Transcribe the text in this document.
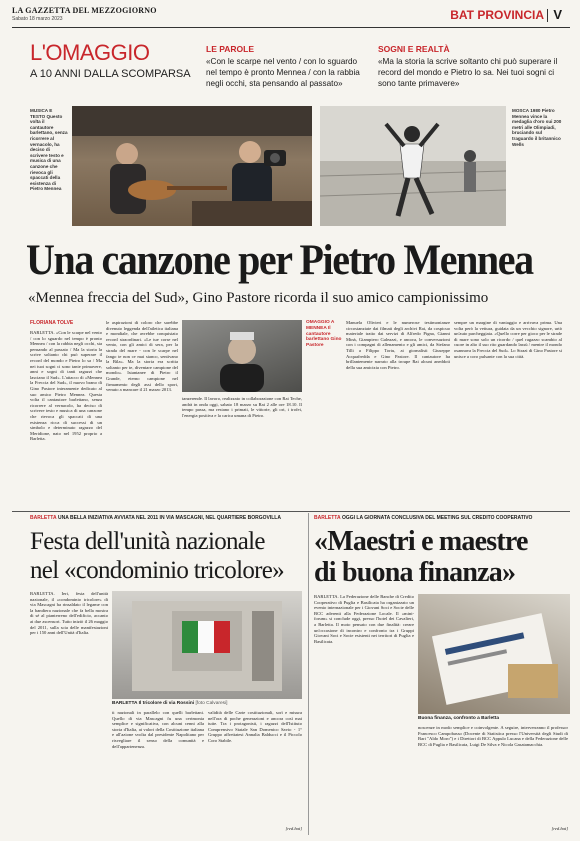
LA GAZZETTA DEL MEZZOGIORNO
Sabato 18 marzo 2023	BAT PROVINCIA V
L'OMAGGIO
A 10 ANNI DALLA SCOMPARSA
LE PAROLE
«Con le scarpe nel vento / con lo sguardo nel tempo è pronto Mennea / con la rabbia negli occhi, sta pensando al passato»
SOGNI E REALTÀ
«Ma la storia la scrive soltanto chi può superare il record del mondo e Pietro lo sa. Nei tuoi sogni ci sono tante primavere»
MUSICA E TESTO Questo volta il cantautore barlettano, senza ricorrere al vernacolo, ha deciso di scrivere testo e musica di una canzone che rievoca gli spaccati della esistenza di Pietro Mennea
MOSCA 1980 Pietro Mennea vince la medaglia d'oro sui 200 metri alle Olimpiadi, bruciando sul traguardo il britannico Wells
Una canzone per Pietro Mennea
«Mennea freccia del Sud», Gino Pastore ricorda il suo amico campionissimo
FLORIANA TOLVE
BARLETTA. «Con le scarpe nel vento / con lo sguardo nel tempo è pronto Mennea / con la rabbia negli occhi, sta pensando al passato / Ma la storia la scrive soltanto chi può superare il record del mondo e Pietro lo sa / Ma nei tuoi sogni ci sono tante primavere, anni e sogni di tanti ragazzi che lasciano il Sud». L'attacco di «Mennea la Freccia del Sud», il nuovo brano di Gino Pastore interamente dedicato al suo amico Pietro Mennea. Questa volta il cantautore barlettano, senza ricorrere al vernacolo, ha deciso di scrivere testo e musica di una canzone che rievoca gli spaccati di una esistenza ricca di successi di un simbolo e determinato ragazzo del Meridione, nato nel 1952 proprio a Barletta.
le aspirazioni di coloro che sarebbe divenuto leggenda dell'atletica italiana e mondiale, che avrebbe conquistato record straordinari. «Le tue corse nel vento, con gli amici di sera, per la strada del mare - con le scarpe nel fango te non ce mai stanco, sentivano la Bila». Ma la storia era scritta soltanto per te, diventare campione del mondo». Istantanee di Pietro il Grande, eterno campione nel firmamento degli assi dello sport, venuto a mancare il 21 marzo 2013.
tanzerende. Il lavoro, realizzato in collaborazione con Rai Teche, andrà in onda oggi, sabato 18 marzo su Rai 2 alle ore 18.10. Il tempo passa, ma restano i primati, le vittorie, gli ori, i trofei, l'energia positiva e la carica umana di Pietro.
OMAGGIO A MENNEA Il cantautore barlettano Gino Pastore
Manuela Olivieri e le numerose testimonianze circostanziate dai filmati degli archivi Rai, da cospicuo materiale tratto dai servizi di Alfredo Pigna, Gianni Minà, Giampiero Galeazzi, e ancora, le conversazioni con i compagni di allenamento e gli amici, da Stefano Tilli a Filippo Tortu, ai giornalisti Giuseppe Acquafredda e Gino Pastore. Il cantautore ha brillantemente narrato alla troupe Rai alcuni aneddoti della sua amicizia con Pietro.
sempre un margine di vantaggio e arrivava prima. Una volta però la vettura, guidata da un vecchio signore, urtò un'auto parcheggiata. «Quello corre per gioco per le strade di mare sono solo un ricordo / quel ragazzo scambio al cuore in alto il suo rito guardando lassù / mentre il mondo osannava la Freccia del Sud». Lo Strazi di Gino Pastore si unisce a coro pulsante con la sua città.
BARLETTA UNA BELLA INIZIATIVA AVVIATA NEL 2011 IN VIA MASCAGNI, NEL QUARTIERE BORGOVILLA
Festa dell'unità nazionale
nel «condominio tricolore»
BARLETTA. Ieri, festa dell'unità nazionale, il «condominio tricolore» di via Mascagni ha rinsaldato il legame con la bandiera nazionale che fa bella mostra di sé al pianterreno dell'edificio, accanto ai due ascensori. Tutto iniziò il 26 maggio del 2011, sulla scia delle manifestazioni per i 150 anni dell'Unità d'Italia.
BARLETTA Il tricolore di via Rossini [foto Calvaresi]
ti nazionali in parallelo con quelli barlettani. Quello di via Mascagni fu una cerimonia semplice e significativa, con alcuni cenni alla storia d'Italia, ai valori della Costituzione italiana e all'azione svolta dal presidente Napolitano per risvegliare il senso della comunità e dell'appartenenza.
validità delle Carte costituzionali, sorì e misura nell'ora di poche generazioni e ancora così mai tutte. Tra i protagonisti, i ragazzi dell'Istituto Comprensivo Statale San Domenico Savio - 1° Gruppo affrettatesi Annalia Balducci e il Piccolo Coro Stabile.
[red.bat]
BARLETTA OGGI LA GIORNATA CONCLUSIVA DEL MEETING SUL CREDITO COOPERATIVO
«Maestri e maestre
di buona finanza»
BARLETTA. La Federazione delle Banche di Credito Cooperativo di Puglia e Basilicata ha organizzato un evento internazionale per i Giovani Soci e Socie delle BCC aderenti alla Federazione Locale. Il «mini-forum» si conclude oggi, presso l'hotel dei Cavalieri, a Barletta. Il moto pensato con due finalità: creare un'occasione di incontro e confronto tra i Gruppi Giovani Soci e Socie esistenti nei territori di Puglia e Basilicata.
Buona finanza, confronto a Barletta
noscenze in modo semplice e coinvolgente. A seguire, interverranno il professor Francesco Campobasso (Docente di Statistica presso l'Università degli Studi di Bari "Aldo Moro") e i Direttori di BCC Appulo Lucana e della Federazione delle BCC di Puglia e Basilicata, Luigi De Silva e Nicola Gasatamacchia.
[red.bat]
